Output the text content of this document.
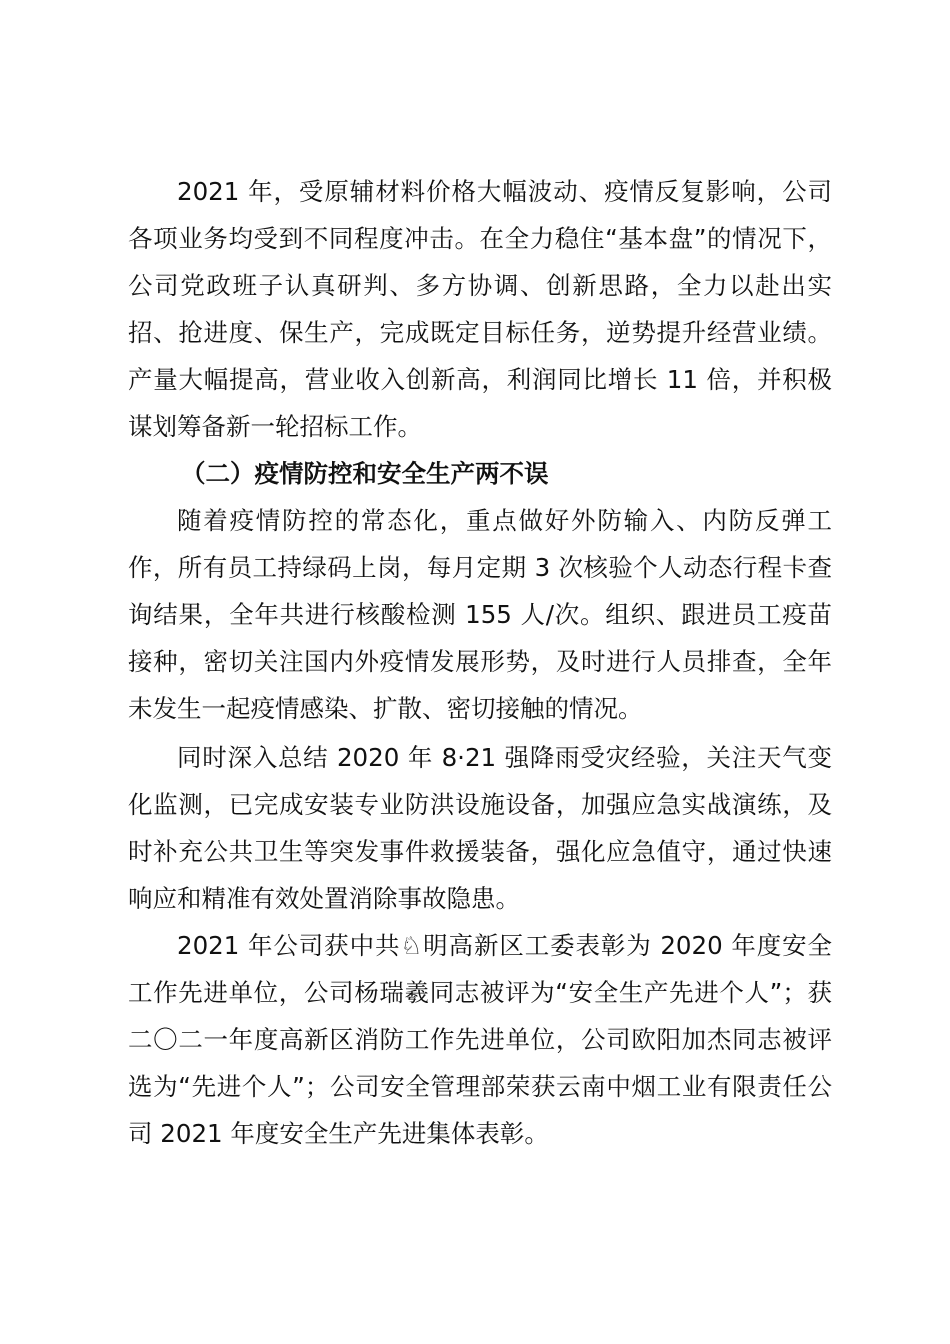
2021 年，受原辅材料价格大幅波动、疫情反复影响，公司各项业务均受到不同程度冲击。在全力稳住“基本盘”的情况下，公司党政班子认真研判、多方协调、创新思路，全力以赴出实招、抢进度、保生产，完成既定目标任务，逆势提升经营业绩。产量大幅提高，营业收入创新高，利润同比增长 11 倍，并积极谋划筹备新一轮招标工作。

（二）疫情防控和安全生产两不误

随着疫情防控的常态化，重点做好外防输入、内防反弹工作，所有员工持绿码上岗，每月定期 3 次核验个人动态行程卡查询结果，全年共进行核酸检测 155 人/次。组织、跟进员工疫苗接种，密切关注国内外疫情发展形势，及时进行人员排查，全年未发生一起疫情感染、扩散、密切接触的情况。

同时深入总结 2020 年 8·21 强降雨受灾经验，关注天气变化监测，已完成安装专业防洪设施设备，加强应急实战演练，及时补充公共卫生等突发事件救援装备，强化应急值守，通过快速响应和精准有效处置消除事故隐患。

2021 年公司获中共♘明高新区工委表彰为 2020 年度安全工作先进单位，公司杨瑞羲同志被评为“安全生产先进个人”；获二〇二一年度高新区消防工作先进单位，公司欧阳加杰同志被评选为“先进个人”；公司安全管理部荣获云南中烟工业有限责任公司 2021 年度安全生产先进集体表彰。
